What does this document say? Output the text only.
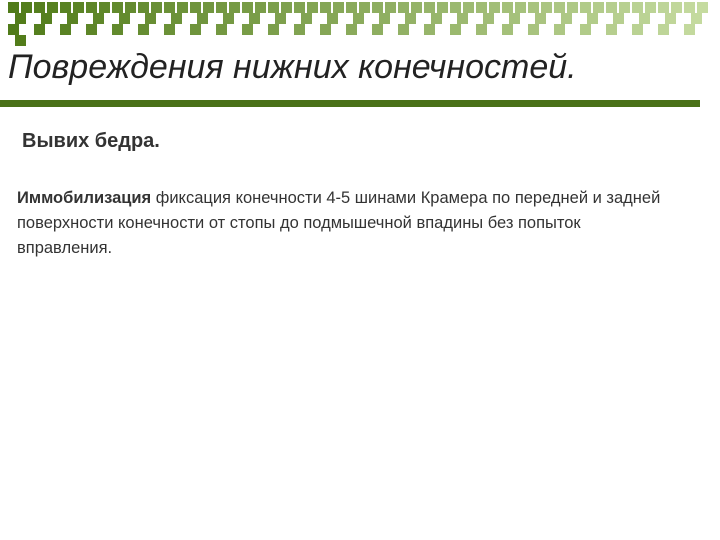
Повреждения нижних конечностей.
Вывих бедра.

Иммобилизация фиксация конечности 4-5 шинами Крамера по передней и задней поверхности конечности от стопы до подмышечной впадины без попыток вправления.
